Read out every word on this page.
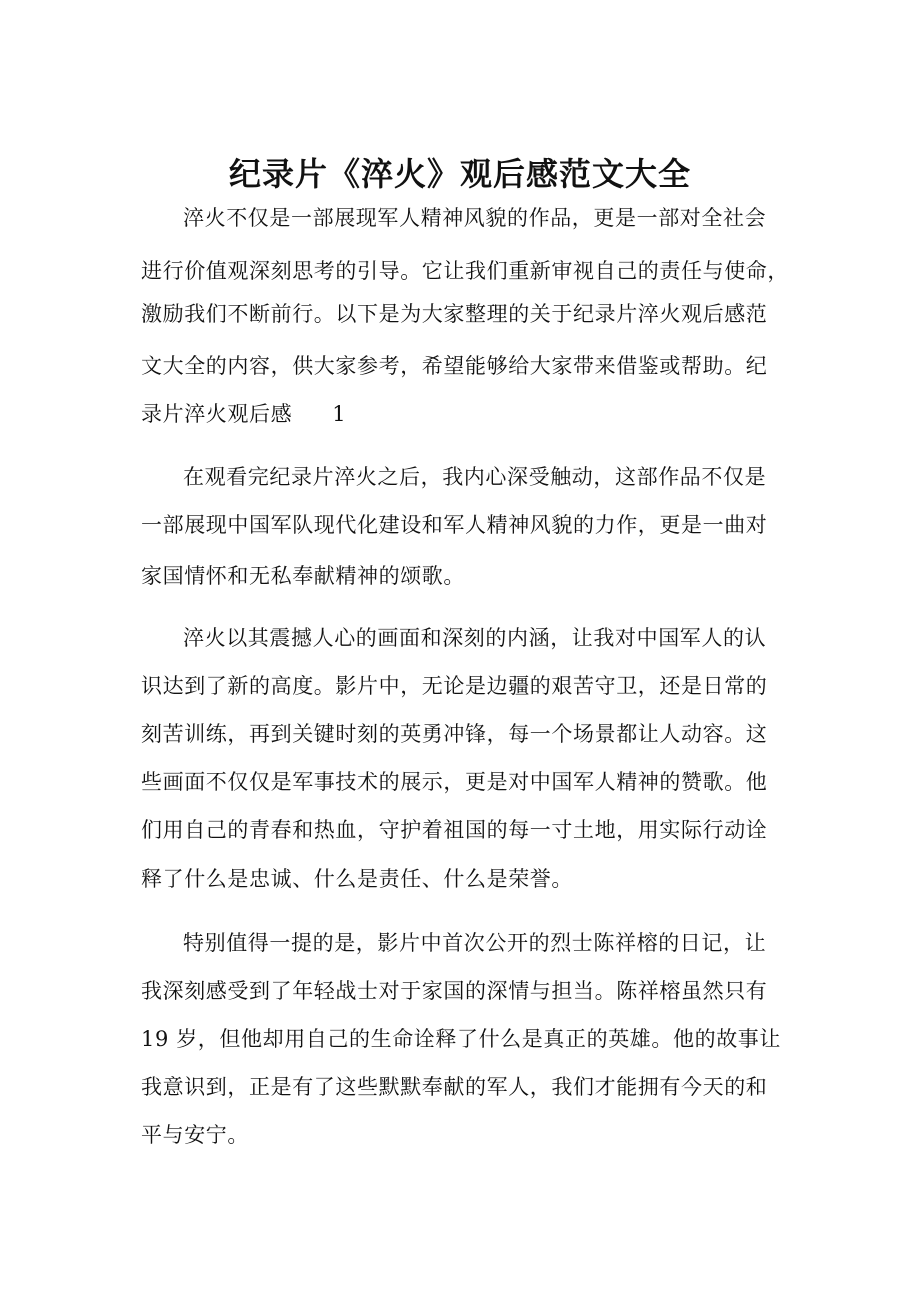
纪录片《淬火》观后感范文大全
淬火不仅是一部展现军人精神风貌的作品，更是一部对全社会
进行价值观深刻思考的引导。它让我们重新审视自己的责任与使命，
激励我们不断前行。以下是为大家整理的关于纪录片淬火观后感范
文大全的内容，供大家参考，希望能够给大家带来借鉴或帮助。纪
录片淬火观后感 1
在观看完纪录片淬火之后，我内心深受触动，这部作品不仅是
一部展现中国军队现代化建设和军人精神风貌的力作，更是一曲对
家国情怀和无私奉献精神的颂歌。
淬火以其震撼人心的画面和深刻的内涵，让我对中国军人的认
识达到了新的高度。影片中，无论是边疆的艰苦守卫，还是日常的
刻苦训练，再到关键时刻的英勇冲锋，每一个场景都让人动容。这
些画面不仅仅是军事技术的展示，更是对中国军人精神的赞歌。他
们用自己的青春和热血，守护着祖国的每一寸土地，用实际行动诠
释了什么是忠诚、什么是责任、什么是荣誉。
特别值得一提的是，影片中首次公开的烈士陈祥榕的日记，让
我深刻感受到了年轻战士对于家国的深情与担当。陈祥榕虽然只有
19 岁，但他却用自己的生命诠释了什么是真正的英雄。他的故事让
我意识到，正是有了这些默默奉献的军人，我们才能拥有今天的和
平与安宁。
